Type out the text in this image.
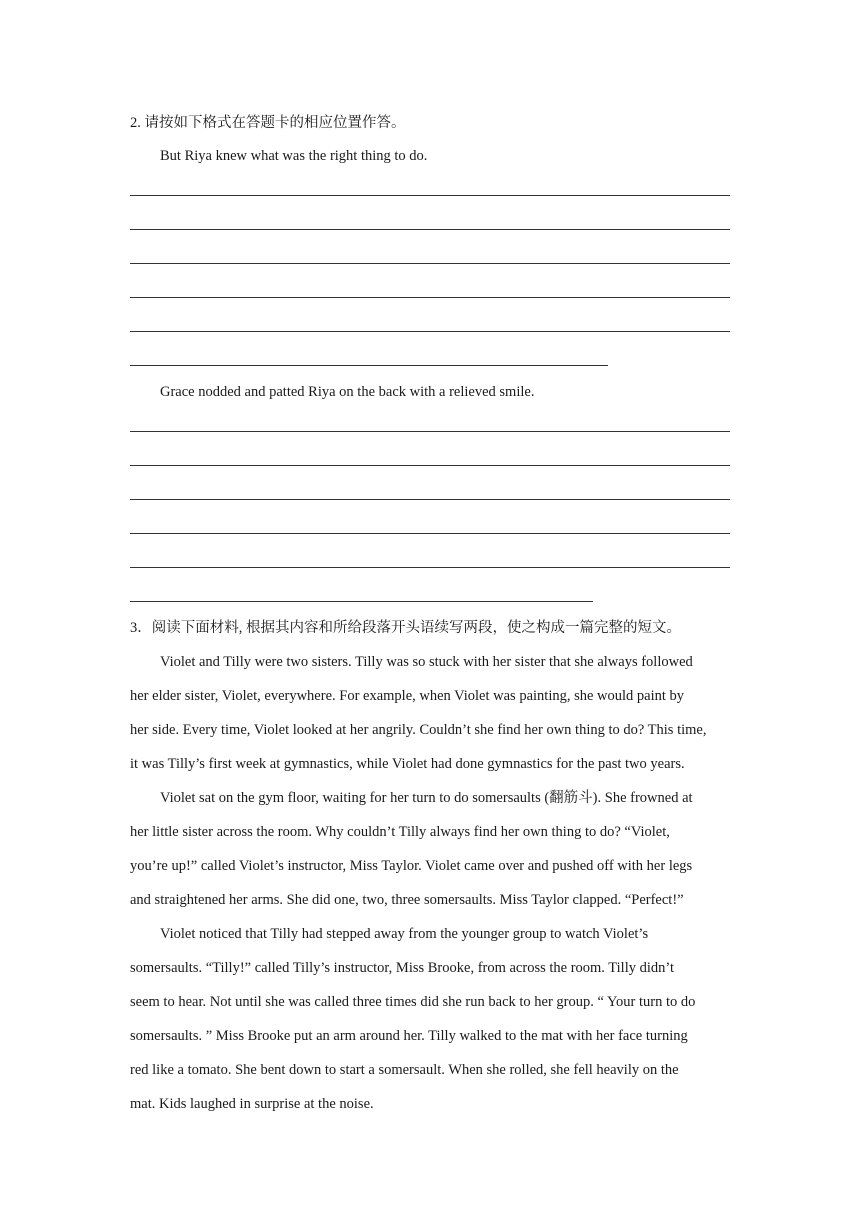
2. 请按如下格式在答题卡的相应位置作答。
But Riya knew what was the right thing to do.
Grace nodded and patted Riya on the back with a relieved smile.
3．阅读下面材料, 根据其内容和所给段落开头语续写两段，使之构成一篇完整的短文。
Violet and Tilly were two sisters. Tilly was so stuck with her sister that she always followed
her elder sister, Violet, everywhere. For example, when Violet was painting, she would paint by
her side. Every time, Violet looked at her angrily. Couldn’t she find her own thing to do? This time,
it was Tilly’s first week at gymnastics, while Violet had done gymnastics for the past two years.
Violet sat on the gym floor, waiting for her turn to do somersaults (翻筋斗). She frowned at
her little sister across the room. Why couldn’t Tilly always find her own thing to do? “Violet,
you’re up!” called Violet’s instructor, Miss Taylor. Violet came over and pushed off with her legs
and straightened her arms. She did one, two, three somersaults. Miss Taylor clapped. “Perfect!”
Violet noticed that Tilly had stepped away from the younger group to watch Violet’s
somersaults. “Tilly!” called Tilly’s instructor, Miss Brooke, from across the room. Tilly didn’t
seem to hear. Not until she was called three times did she run back to her group. “ Your turn to do
somersaults. ” Miss Brooke put an arm around her. Tilly walked to the mat with her face turning
red like a tomato. She bent down to start a somersault. When she rolled, she fell heavily on the
mat. Kids laughed in surprise at the noise.
